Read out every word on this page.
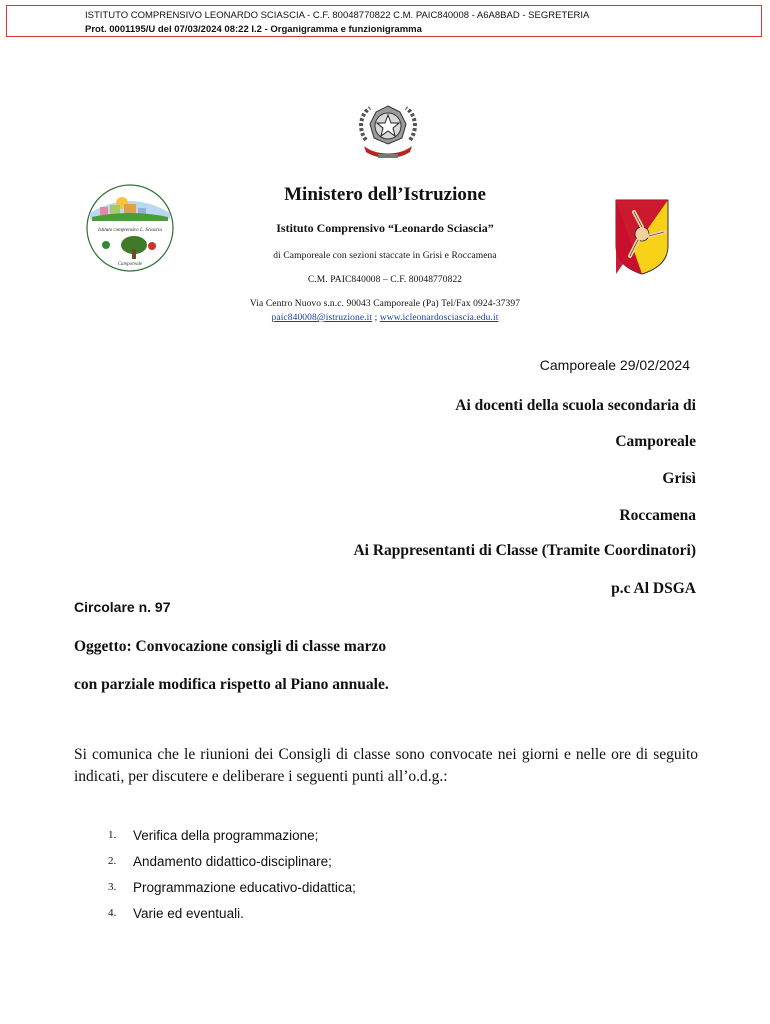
ISTITUTO COMPRENSIVO LEONARDO SCIASCIA - C.F. 80048770822 C.M. PAIC840008 - A6A8BAD - SEGRETERIA
Prot. 0001195/U del 07/03/2024 08:22 I.2 - Organigramma e funzionigramma
Istituto comprensivo L. Sciascia
Camporeale
Ministero dell’Istruzione
Istituto Comprensivo “Leonardo Sciascia”
di Camporeale con sezioni staccate in Grisi e Roccamena
C.M. PAIC840008 – C.F. 80048770822
Via Centro Nuovo s.n.c. 90043 Camporeale (Pa) Tel/Fax 0924-37397
paic840008@istruzione.it ; www.icleonardosciascia.edu.it
Camporeale 29/02/2024
Ai docenti della scuola secondaria di
Camporeale
Grisì
Roccamena
Ai Rappresentanti di Classe (Tramite Coordinatori)
p.c Al DSGA
Circolare n. 97
Oggetto: Convocazione consigli di classe marzo
con parziale modifica rispetto al Piano annuale.
Si comunica che le riunioni dei Consigli di classe sono convocate nei giorni e nelle ore di seguito indicati, per discutere e deliberare i seguenti punti all’o.d.g.:
1.	Verifica della programmazione;
2.	Andamento didattico-disciplinare;
3.	Programmazione educativo-didattica;
4.	Varie ed eventuali.
